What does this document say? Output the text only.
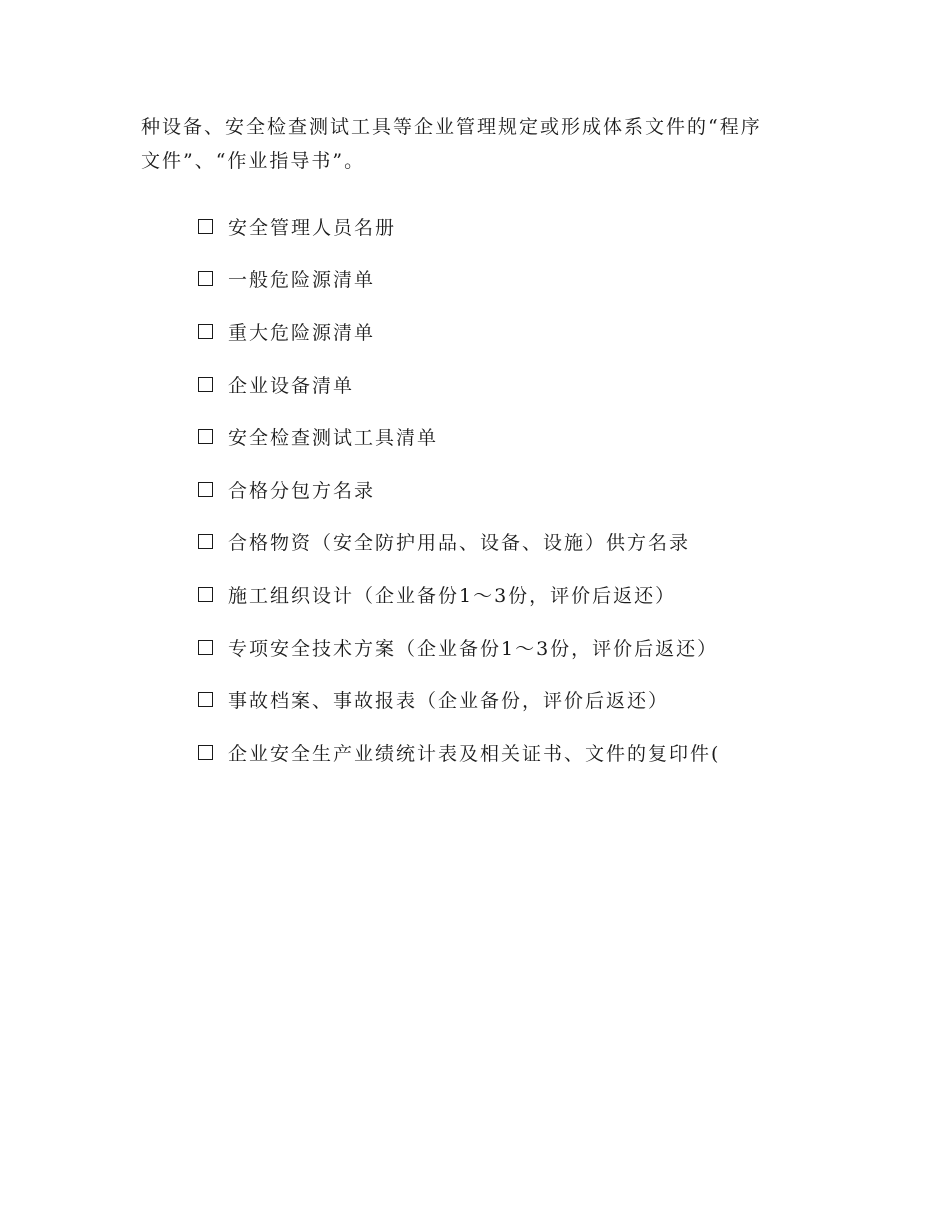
种设备、安全检查测试工具等企业管理规定或形成体系文件的“程序
文件”、“作业指导书”。

安全管理人员名册
一般危险源清单
重大危险源清单
企业设备清单
安全检查测试工具清单
合格分包方名录
合格物资（安全防护用品、设备、设施）供方名录
施工组织设计（企业备份1～3份，评价后返还）
专项安全技术方案（企业备份1～3份，评价后返还）
事故档案、事故报表（企业备份，评价后返还）
企业安全生产业绩统计表及相关证书、文件的复印件(
